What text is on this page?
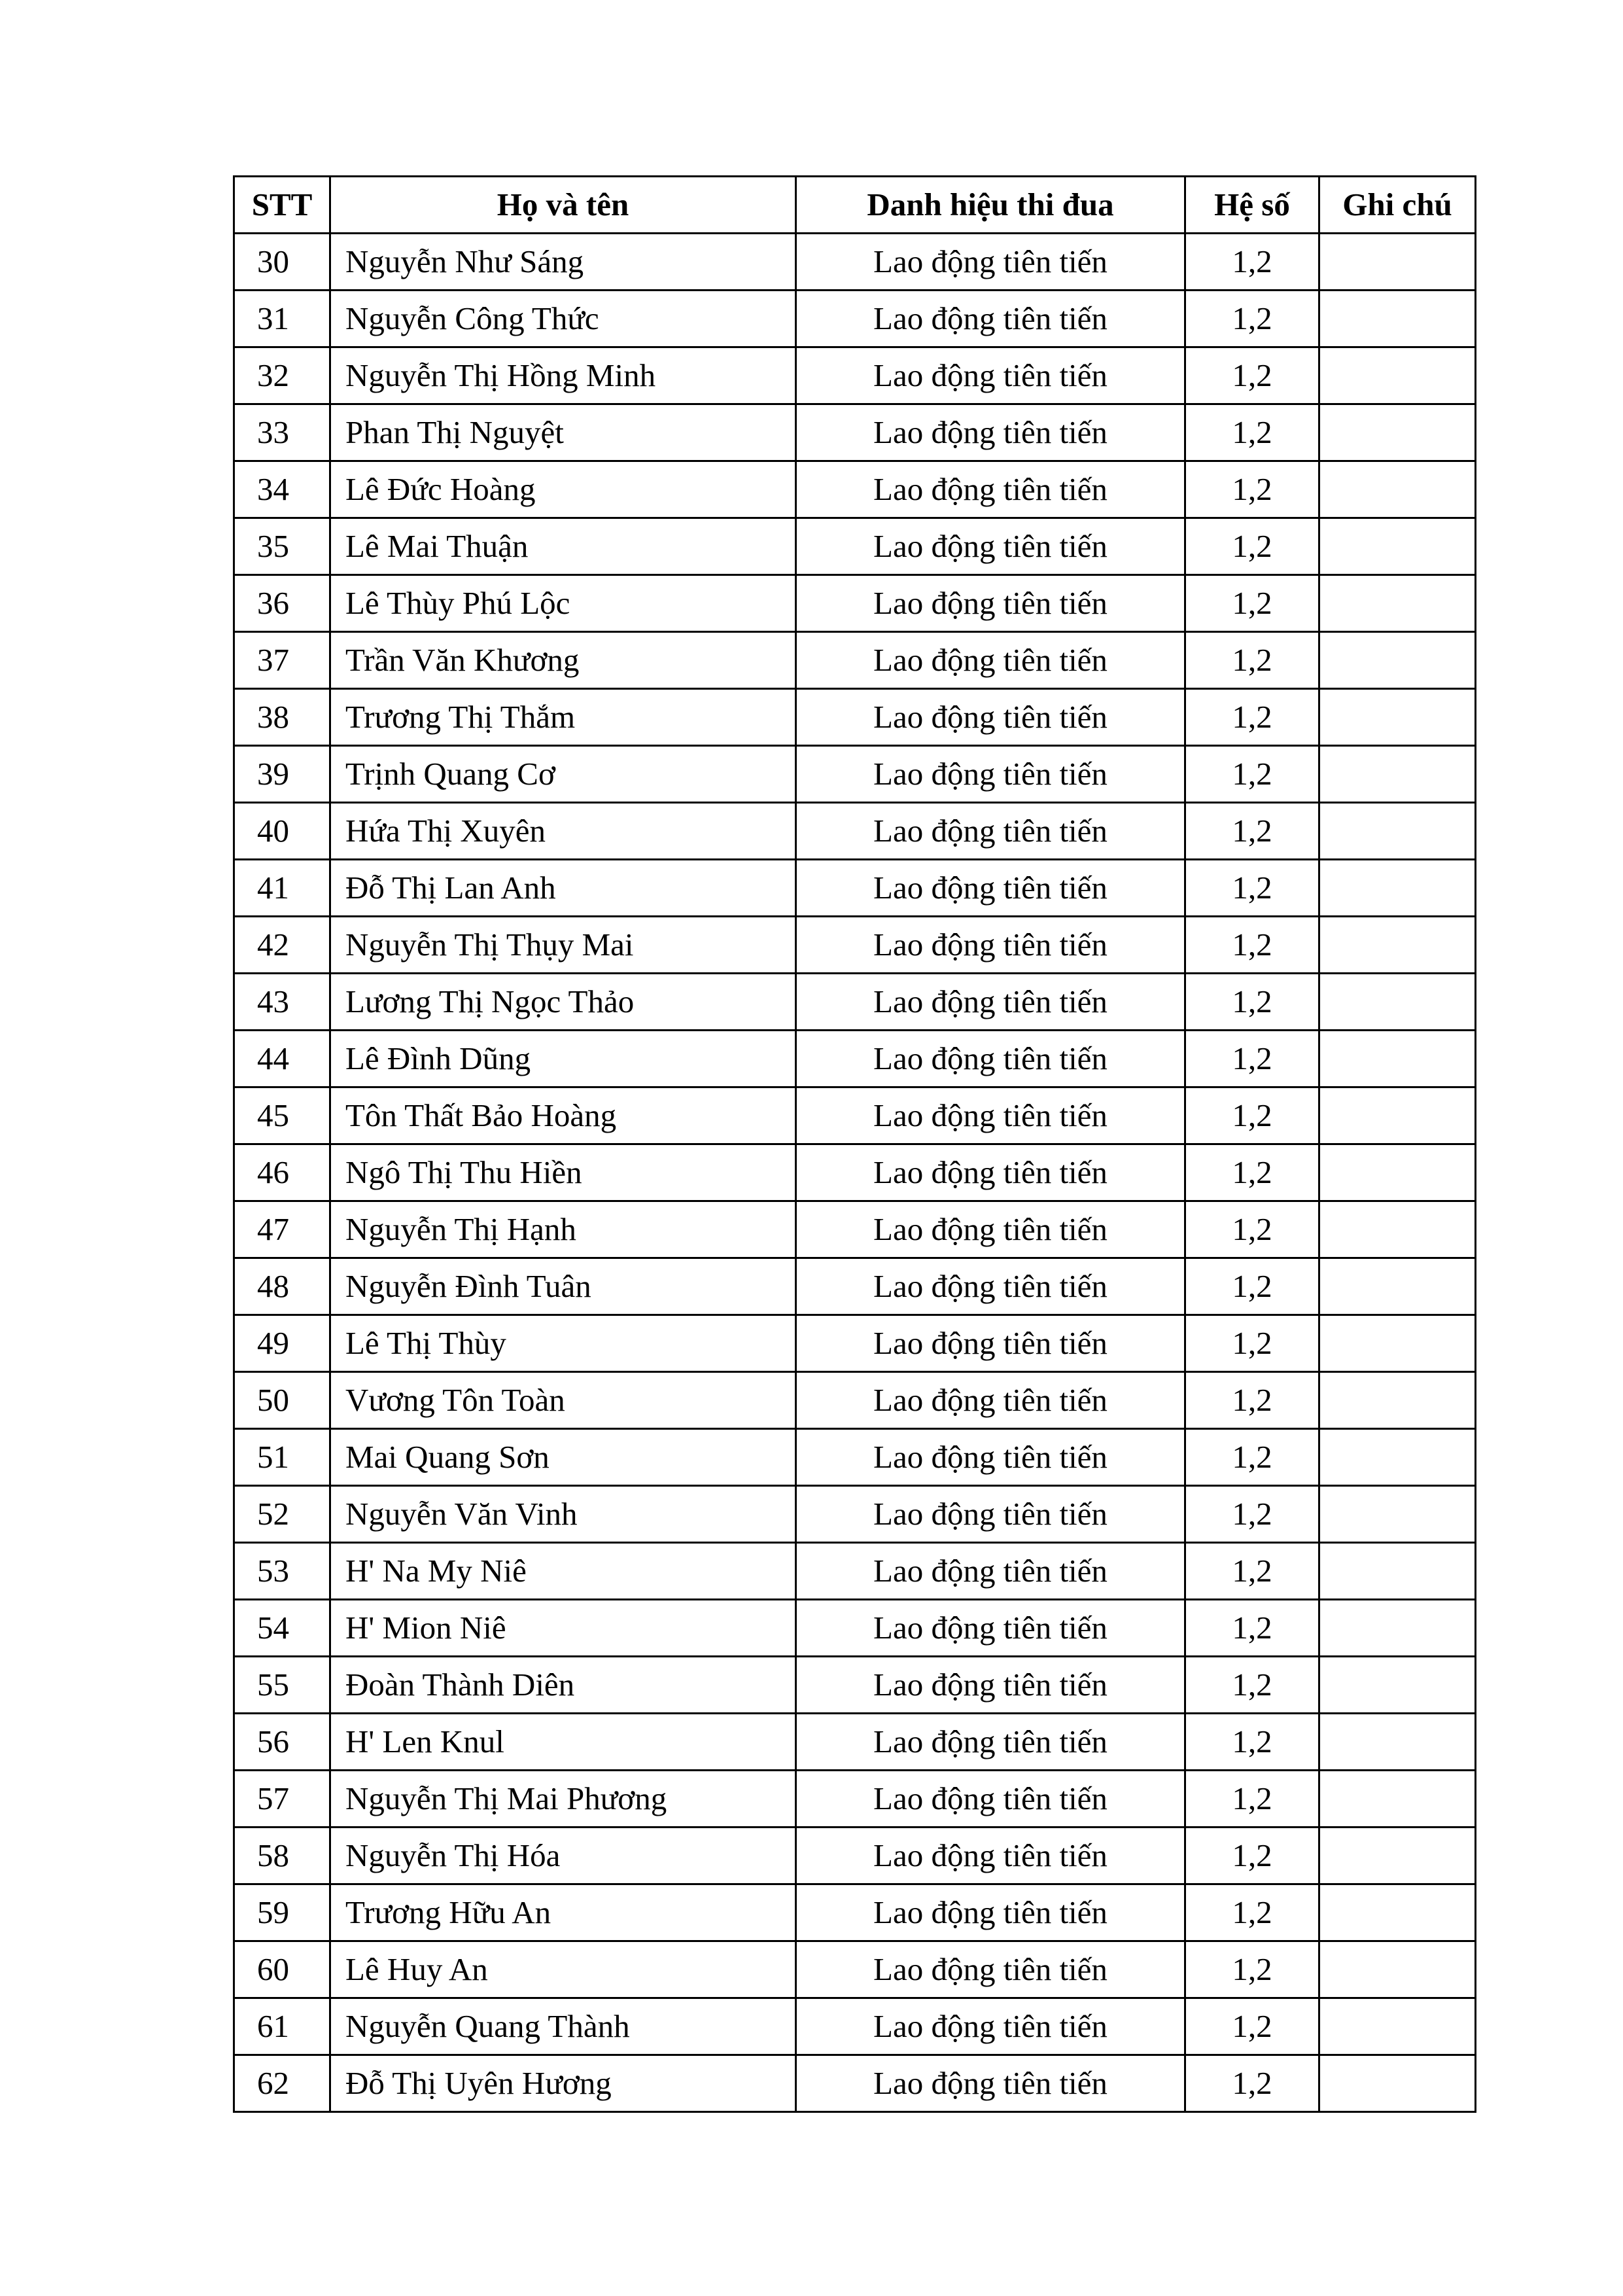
STT	Họ và tên	Danh hiệu thi đua	Hệ số	Ghi chú
30	Nguyễn Như Sáng	Lao động tiên tiến	1,2	
31	Nguyễn Công Thức	Lao động tiên tiến	1,2	
32	Nguyễn Thị Hồng Minh	Lao động tiên tiến	1,2	
33	Phan Thị Nguyệt	Lao động tiên tiến	1,2	
34	Lê Đức Hoàng	Lao động tiên tiến	1,2	
35	Lê Mai Thuận	Lao động tiên tiến	1,2	
36	Lê Thùy Phú Lộc	Lao động tiên tiến	1,2	
37	Trần Văn Khương	Lao động tiên tiến	1,2	
38	Trương Thị Thắm	Lao động tiên tiến	1,2	
39	Trịnh Quang Cơ	Lao động tiên tiến	1,2	
40	Hứa Thị Xuyên	Lao động tiên tiến	1,2	
41	Đỗ Thị Lan Anh	Lao động tiên tiến	1,2	
42	Nguyễn Thị Thụy Mai	Lao động tiên tiến	1,2	
43	Lương Thị Ngọc Thảo	Lao động tiên tiến	1,2	
44	Lê Đình Dũng	Lao động tiên tiến	1,2	
45	Tôn Thất Bảo Hoàng	Lao động tiên tiến	1,2	
46	Ngô Thị Thu Hiền	Lao động tiên tiến	1,2	
47	Nguyễn Thị Hạnh	Lao động tiên tiến	1,2	
48	Nguyễn Đình Tuân	Lao động tiên tiến	1,2	
49	Lê Thị Thùy	Lao động tiên tiến	1,2	
50	Vương Tôn Toàn	Lao động tiên tiến	1,2	
51	Mai Quang Sơn	Lao động tiên tiến	1,2	
52	Nguyễn Văn Vinh	Lao động tiên tiến	1,2	
53	H' Na My Niê	Lao động tiên tiến	1,2	
54	H' Mion Niê	Lao động tiên tiến	1,2	
55	Đoàn Thành Diên	Lao động tiên tiến	1,2	
56	H' Len Knul	Lao động tiên tiến	1,2	
57	Nguyễn Thị Mai Phương	Lao động tiên tiến	1,2	
58	Nguyễn Thị Hóa	Lao động tiên tiến	1,2	
59	Trương Hữu An	Lao động tiên tiến	1,2	
60	Lê Huy An	Lao động tiên tiến	1,2	
61	Nguyễn Quang Thành	Lao động tiên tiến	1,2	
62	Đỗ Thị Uyên Hương	Lao động tiên tiến	1,2	
